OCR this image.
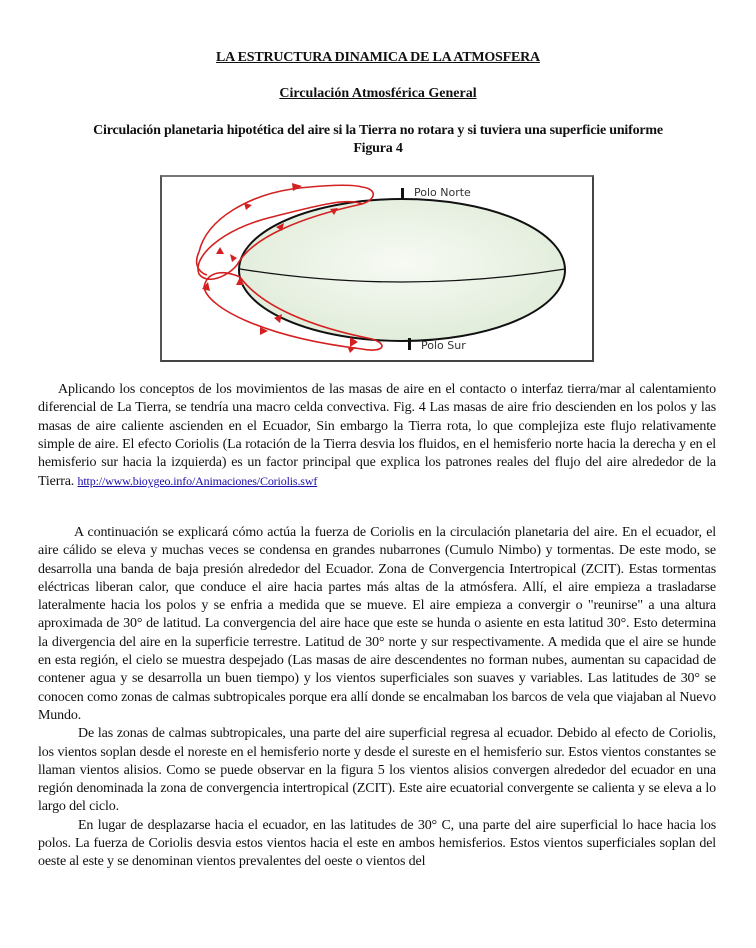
LA ESTRUCTURA DINAMICA DE LA ATMOSFERA
Circulación Atmosférica General
Circulación planetaria hipotética del aire si la Tierra no rotara y si tuviera una superficie uniforme
Figura 4
Polo Norte
Polo Sur

Aplicando los conceptos de los movimientos de las masas de aire en el contacto o interfaz tierra/mar al calentamiento diferencial de La Tierra, se tendría una macro celda convectiva. Fig. 4 Las masas de aire frio descienden en los polos y las masas de aire caliente ascienden en el Ecuador, Sin embargo la Tierra rota, lo que complejiza este flujo relativamente simple de aire. El efecto Coriolis (La rotación de la Tierra desvia los fluidos, en el hemisferio norte hacia la derecha y en el hemisferio sur hacia la izquierda) es un factor principal que explica los patrones reales del flujo del aire alrededor de la Tierra. http://www.bioygeo.info/Animaciones/Coriolis.swf

A continuación se explicará cómo actúa la fuerza de Coriolis en la circulación planetaria del aire. En el ecuador, el aire cálido se eleva y muchas veces se condensa en grandes nubarrones (Cumulo Nimbo) y tormentas. De este modo, se desarrolla una banda de baja presión alrededor del Ecuador. Zona de Convergencia Intertropical (ZCIT). Estas tormentas eléctricas liberan calor, que conduce el aire hacia partes más altas de la atmósfera. Allí, el aire empieza a trasladarse lateralmente hacia los polos y se enfria a medida que se mueve. El aire empieza a convergir o "reunirse" a una altura aproximada de 30° de latitud. La convergencia del aire hace que este se hunda o asiente en esta latitud 30°. Esto determina la divergencia del aire en la superficie terrestre. Latitud de 30° norte y sur respectivamente. A medida que el aire se hunde en esta región, el cielo se muestra despejado (Las masas de aire descendentes no forman nubes, aumentan su capacidad de contener agua y se desarrolla un buen tiempo) y los vientos superficiales son suaves y variables. Las latitudes de 30° se conocen como zonas de calmas subtropicales porque era allí donde se encalmaban los barcos de vela que viajaban al Nuevo Mundo.

De las zonas de calmas subtropicales, una parte del aire superficial regresa al ecuador. Debido al efecto de Coriolis, los vientos soplan desde el noreste en el hemisferio norte y desde el sureste en el hemisferio sur. Estos vientos constantes se llaman vientos alisios. Como se puede observar en la figura 5 los vientos alisios convergen alrededor del ecuador en una región denominada la zona de convergencia intertropical (ZCIT). Este aire ecuatorial convergente se calienta y se eleva a lo largo del ciclo.

En lugar de desplazarse hacia el ecuador, en las latitudes de 30° C, una parte del aire superficial lo hace hacia los polos. La fuerza de Coriolis desvia estos vientos hacia el este en ambos hemisferios. Estos vientos superficiales soplan del oeste al este y se denominan vientos prevalentes del oeste o vientos del
